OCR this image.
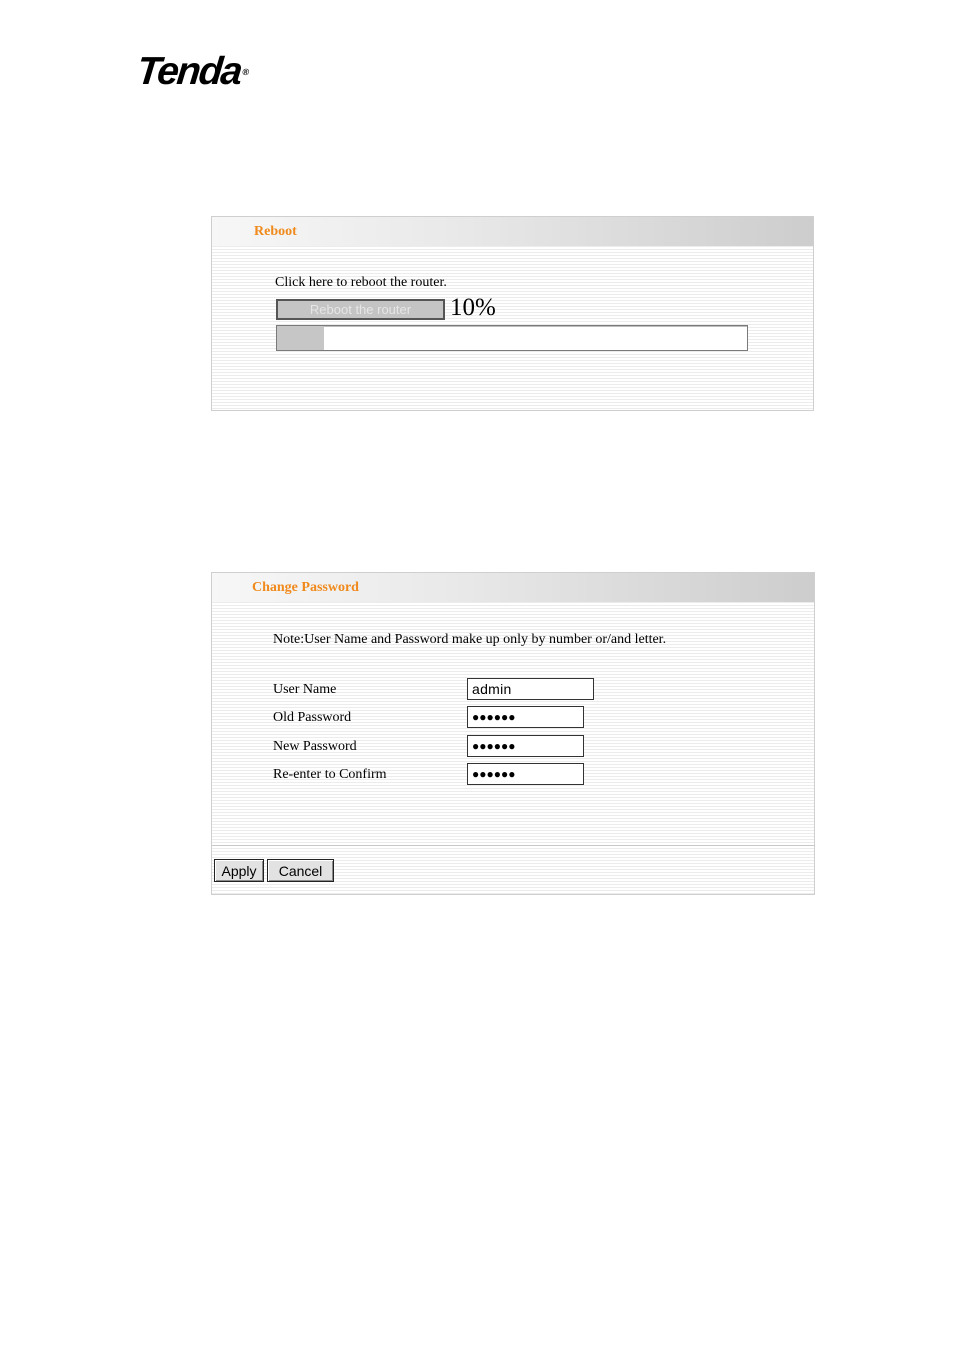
Tenda®
Reboot
Click here to reboot the router.
Reboot the router	10%
Change Password
Note:User Name and Password make up only by number or/and letter.
User Name
admin
Old Password
●●●●●●
New Password
●●●●●●
Re-enter to Confirm
●●●●●●
Apply	Cancel
